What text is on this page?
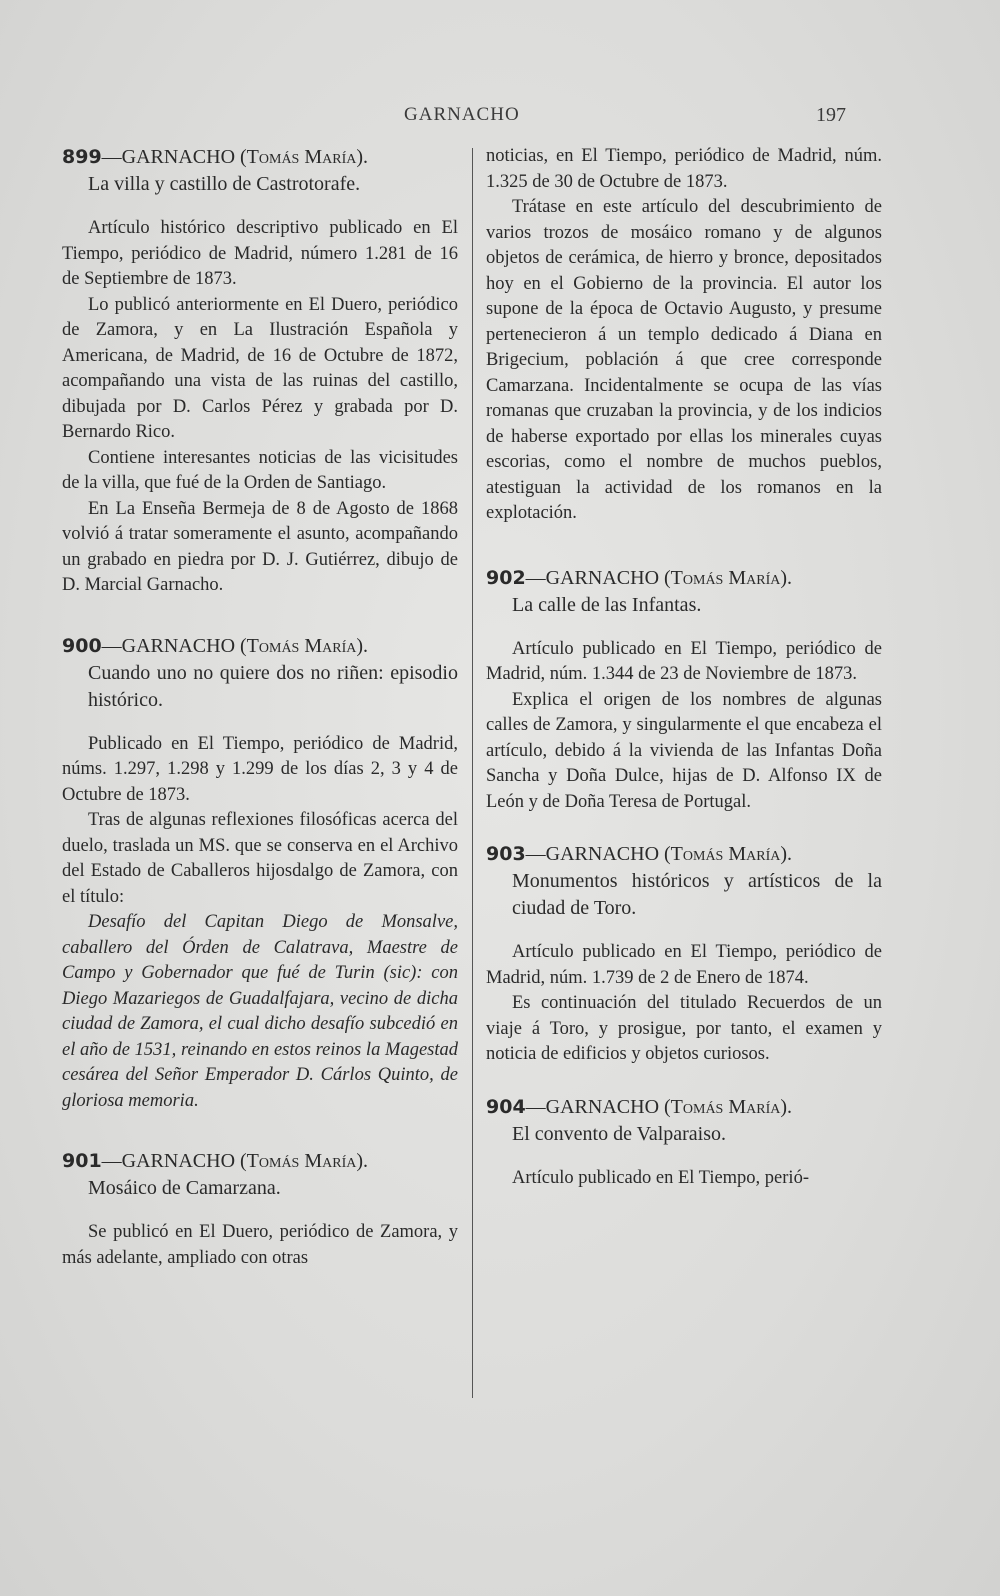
GARNACHO	197

899—GARNACHO (Tomás María).

La villa y castillo de Castrotorafe.

Artículo histórico descriptivo publicado en El Tiempo, periódico de Madrid, número 1.281 de 16 de Septiembre de 1873.

Lo publicó anteriormente en El Duero, periódico de Zamora, y en La Ilustración Española y Americana, de Madrid, de 16 de Octubre de 1872, acompañando una vista de las ruinas del castillo, dibujada por D. Carlos Pérez y grabada por D. Bernardo Rico.

Contiene interesantes noticias de las vicisitudes de la villa, que fué de la Orden de Santiago.

En La Enseña Bermeja de 8 de Agosto de 1868 volvió á tratar someramente el asunto, acompañando un grabado en piedra por D. J. Gutiérrez, dibujo de D. Marcial Garnacho.

900—GARNACHO (Tomás María).

Cuando uno no quiere dos no riñen: episodio histórico.

Publicado en El Tiempo, periódico de Madrid, núms. 1.297, 1.298 y 1.299 de los días 2, 3 y 4 de Octubre de 1873.

Tras de algunas reflexiones filosóficas acerca del duelo, traslada un MS. que se conserva en el Archivo del Estado de Caballeros hijosdalgo de Zamora, con el título:

Desafío del Capitan Diego de Monsalve, caballero del Órden de Calatrava, Maestre de Campo y Gobernador que fué de Turin (sic): con Diego Mazariegos de Guadalfajara, vecino de dicha ciudad de Zamora, el cual dicho desafío subcedió en el año de 1531, reinando en estos reinos la Magestad cesárea del Señor Emperador D. Cárlos Quinto, de gloriosa memoria.

901—GARNACHO (Tomás María).

Mosáico de Camarzana.

Se publicó en El Duero, periódico de Zamora, y más adelante, ampliado con otras

noticias, en El Tiempo, periódico de Madrid, núm. 1.325 de 30 de Octubre de 1873.

Trátase en este artículo del descubrimiento de varios trozos de mosáico romano y de algunos objetos de cerámica, de hierro y bronce, depositados hoy en el Gobierno de la provincia. El autor los supone de la época de Octavio Augusto, y presume pertenecieron á un templo dedicado á Diana en Brigecium, población á que cree corresponde Camarzana. Incidentalmente se ocupa de las vías romanas que cruzaban la provincia, y de los indicios de haberse exportado por ellas los minerales cuyas escorias, como el nombre de muchos pueblos, atestiguan la actividad de los romanos en la explotación.

902—GARNACHO (Tomás María).

La calle de las Infantas.

Artículo publicado en El Tiempo, periódico de Madrid, núm. 1.344 de 23 de Noviembre de 1873.

Explica el origen de los nombres de algunas calles de Zamora, y singularmente el que encabeza el artículo, debido á la vivienda de las Infantas Doña Sancha y Doña Dulce, hijas de D. Alfonso IX de León y de Doña Teresa de Portugal.

903—GARNACHO (Tomás María).

Monumentos históricos y artísticos de la ciudad de Toro.

Artículo publicado en El Tiempo, periódico de Madrid, núm. 1.739 de 2 de Enero de 1874.

Es continuación del titulado Recuerdos de un viaje á Toro, y prosigue, por tanto, el examen y noticia de edificios y objetos curiosos.

904—GARNACHO (Tomás María).

El convento de Valparaiso.

Artículo publicado en El Tiempo, perió-
